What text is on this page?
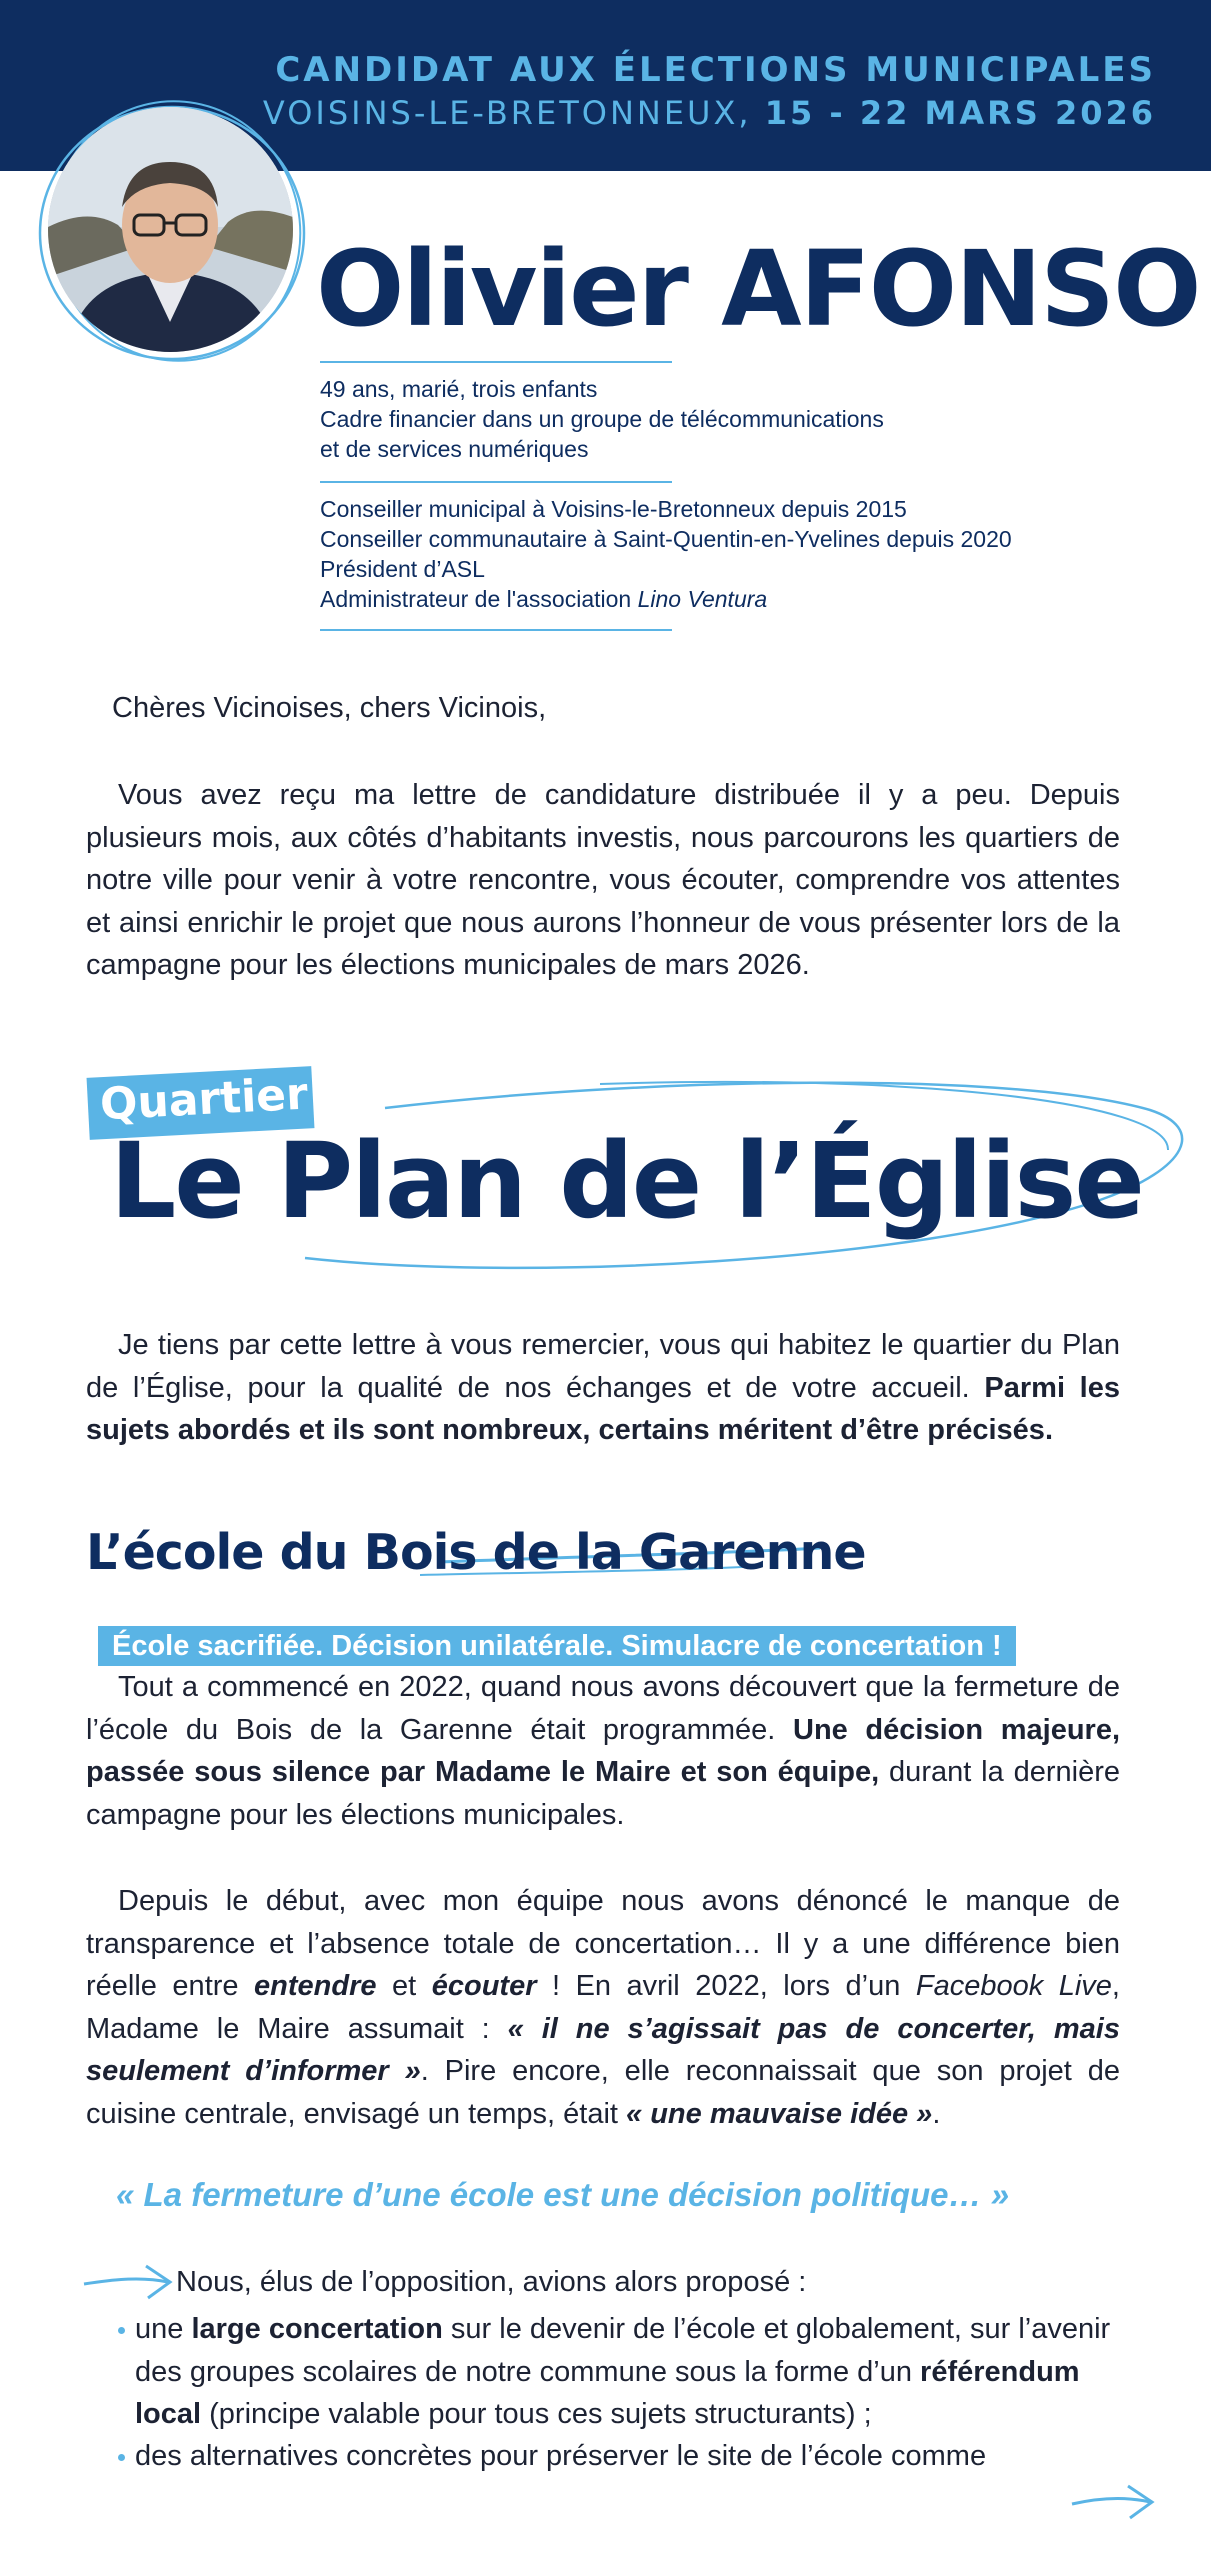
CANDIDAT AUX ÉLECTIONS MUNICIPALES
VOISINS-LE-BRETONNEUX, 15 - 22 MARS 2026
Olivier AFONSO
49 ans, marié, trois enfants
Cadre financier dans un groupe de télécommunications
et de services numériques
Conseiller municipal à Voisins-le-Bretonneux depuis 2015
Conseiller communautaire à Saint-Quentin-en-Yvelines depuis 2020
Président d’ASL
Administrateur de l'association Lino Ventura
Chères Vicinoises, chers Vicinois,
Vous avez reçu ma lettre de candidature distribuée il y a peu. Depuis plusieurs mois, aux côtés d’habitants investis, nous parcourons les quartiers de notre ville pour venir à votre rencontre, vous écouter, comprendre vos attentes et ainsi enrichir le projet que nous aurons l’honneur de vous présenter lors de la campagne pour les élections municipales de mars 2026.
Quartier
Le Plan de l’Église
Je tiens par cette lettre à vous remercier, vous qui habitez le quartier du Plan de l’Église, pour la qualité de nos échanges et de votre accueil. Parmi les sujets abordés et ils sont nombreux, certains méritent d’être précisés.
L’école du Bois de la Garenne
École sacrifiée. Décision unilatérale. Simulacre de concertation !
Tout a commencé en 2022, quand nous avons découvert que la fermeture de l’école du Bois de la Garenne était programmée. Une décision majeure, passée sous silence par Madame le Maire et son équipe, durant la dernière campagne pour les élections municipales.
Depuis le début, avec mon équipe nous avons dénoncé le manque de transparence et l’absence totale de concertation… Il y a une différence bien réelle entre entendre et écouter ! En avril 2022, lors d’un Facebook Live, Madame le Maire assumait : « il ne s’agissait pas de concerter, mais seulement d’informer ». Pire encore, elle reconnaissait que son projet de cuisine centrale, envisagé un temps, était « une mauvaise idée ».
« La fermeture d’une école est une décision politique… »
Nous, élus de l’opposition, avions alors proposé :
une large concertation sur le devenir de l’école et globalement, sur l’avenir des groupes scolaires de notre commune sous la forme d’un référendum local (principe valable pour tous ces sujets structurants) ;
des alternatives concrètes pour préserver le site de l’école comme
